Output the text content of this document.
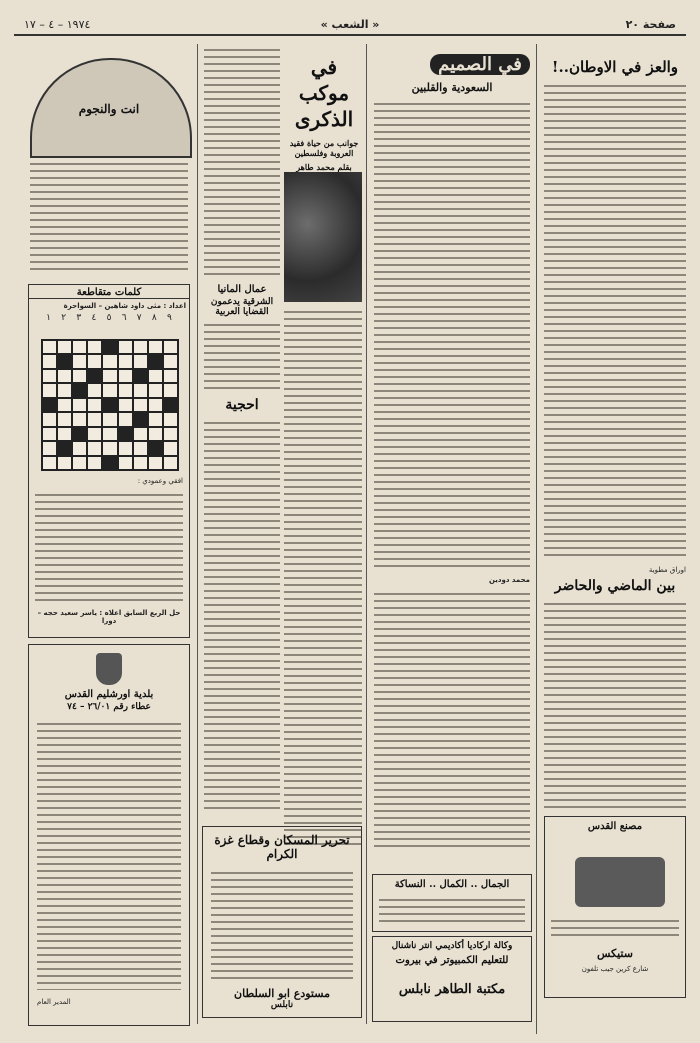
١٩٧٤ – ٤ – ١٧	« الشعب »	صفحة ٢٠
والعز في الاوطان..!
اوراق مطوية
بين الماضي والحاضر
مصنع القدس
ستيكس
شارع كرين جيب تلفون
في الصميم
السعودية والقلبين
محمد دودين
الجمال .. الكمال .. النساكة
وكالة اركاديا أكاديمي انتر ناشنال
للتعليم الكمبيوتر في بيروت
مكتبة الطاهر نابلس
في موكب الذكرى
جوانب من حياة فقيد العروبة وفلسطين
بقلم محمد طاهر
عمال المانيا
الشرقية يدعمون القضايا العربية
احجية
تحرير المسكان وقطاع غزة الكرام
مستودع ابو السلطان
نابلس
انت والنجوم
كلمات متقاطعة
اعداد : مثى داود شاهين – السواحرة
٩
٨
٧
٦
٥
٤
٣
٢
١
افقي وعمودي :
حل الربع السابق اعلاه : ياسر سعيد حجه – دورا
بلدية اورشليم القدس
عطاء رقم ٢٦/٠١ – ٧٤
المدير العام
